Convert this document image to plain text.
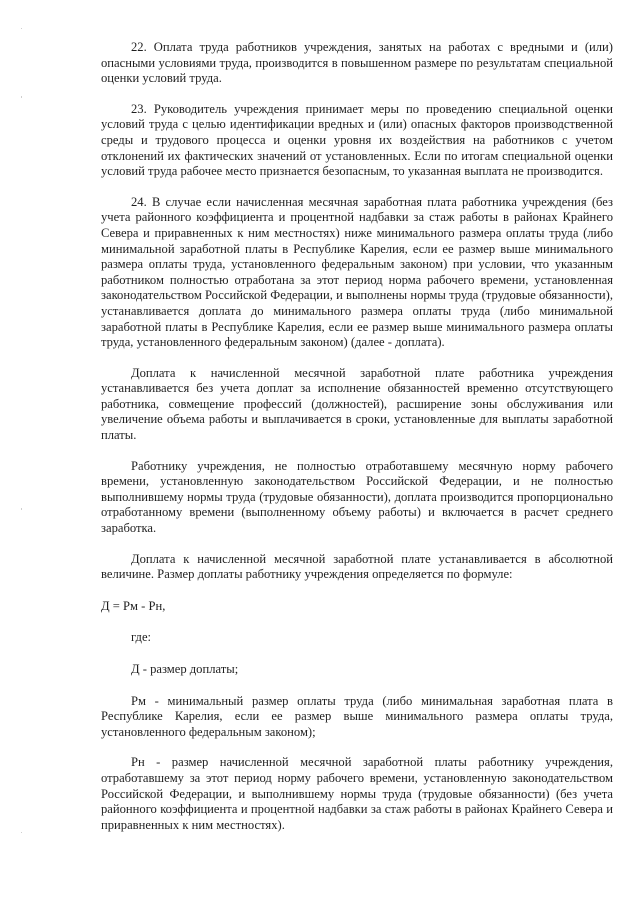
22. Оплата труда работников учреждения, занятых на работах с вредными и (или) опасными условиями труда, производится в повышенном размере по результатам специальной оценки условий труда.

23. Руководитель учреждения принимает меры по проведению специальной оценки условий труда с целью идентификации вредных и (или) опасных факторов производственной среды и трудового процесса и оценки уровня их воздействия на работников с учетом отклонений их фактических значений от установленных. Если по итогам специальной оценки условий труда рабочее место признается безопасным, то указанная выплата не производится.

24. В случае если начисленная месячная заработная плата работника учреждения (без учета районного коэффициента и процентной надбавки за стаж работы в районах Крайнего Севера и приравненных к ним местностях) ниже минимального размера оплаты труда (либо минимальной заработной платы в Республике Карелия, если ее размер выше минимального размера оплаты труда, установленного федеральным законом) при условии, что указанным работником полностью отработана за этот период норма рабочего времени, установленная законодательством Российской Федерации, и выполнены нормы труда (трудовые обязанности), устанавливается доплата до минимального размера оплаты труда (либо минимальной заработной платы в Республике Карелия, если ее размер выше минимального размера оплаты труда, установленного федеральным законом) (далее - доплата).

Доплата к начисленной месячной заработной плате работника учреждения устанавливается без учета доплат за исполнение обязанностей временно отсутствующего работника, совмещение профессий (должностей), расширение зоны обслуживания или увеличение объема работы и выплачивается в сроки, установленные для выплаты заработной платы.

Работнику учреждения, не полностью отработавшему месячную норму рабочего времени, установленную законодательством Российской Федерации, и не полностью выполнившему нормы труда (трудовые обязанности), доплата производится пропорционально отработанному времени (выполненному объему работы) и включается в расчет среднего заработка.

Доплата к начисленной месячной заработной плате устанавливается в абсолютной величине. Размер доплаты работнику учреждения определяется по формуле:

Д = Рм - Рн,

где:

Д - размер доплаты;

Рм - минимальный размер оплаты труда (либо минимальная заработная плата в Республике Карелия, если ее размер выше минимального размера оплаты труда, установленного федеральным законом);

Рн - размер начисленной месячной заработной платы работнику учреждения, отработавшему за этот период норму рабочего времени, установленную законодательством Российской Федерации, и выполнившему нормы труда (трудовые обязанности) (без учета районного коэффициента и процентной надбавки за стаж работы в районах Крайнего Севера и приравненных к ним местностях).
